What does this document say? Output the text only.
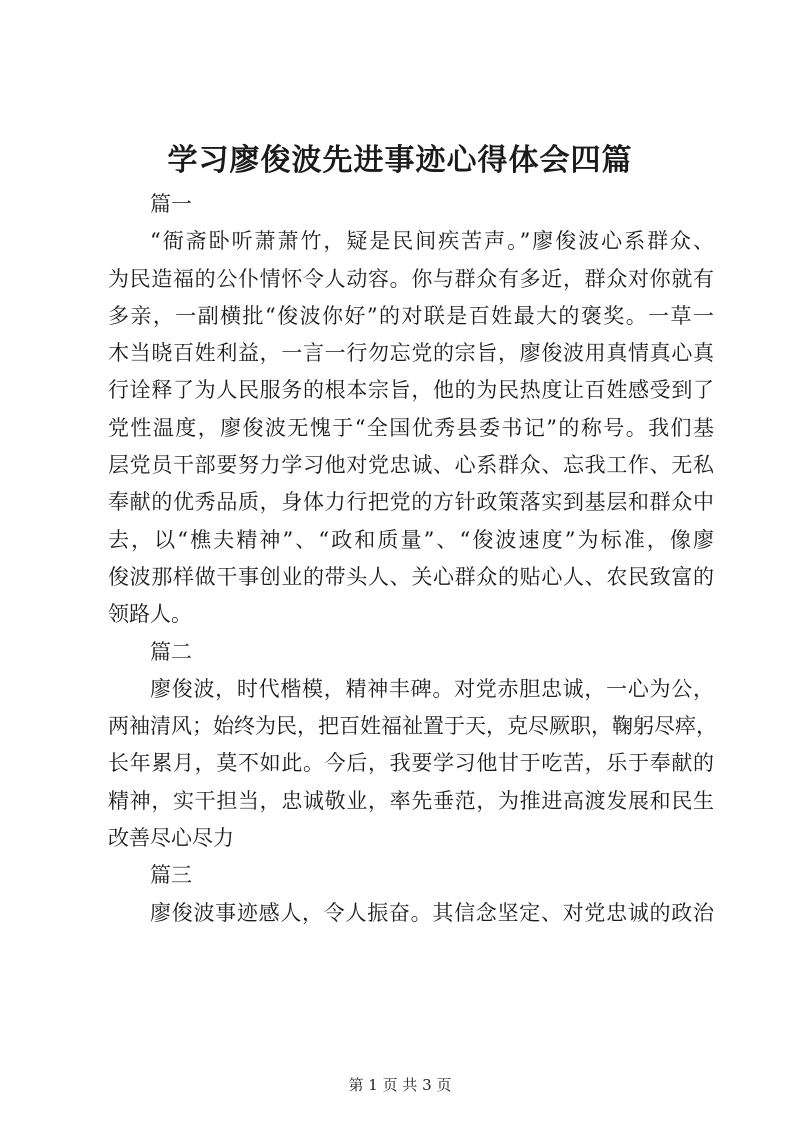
学习廖俊波先进事迹心得体会四篇
篇一
“衙斋卧听萧萧竹，疑是民间疾苦声。”廖俊波心系群众、
为民造福的公仆情怀令人动容。你与群众有多近，群众对你就有
多亲，一副横批“俊波你好”的对联是百姓最大的褒奖。一草一
木当晓百姓利益，一言一行勿忘党的宗旨，廖俊波用真情真心真
行诠释了为人民服务的根本宗旨，他的为民热度让百姓感受到了
党性温度，廖俊波无愧于“全国优秀县委书记”的称号。我们基
层党员干部要努力学习他对党忠诚、心系群众、忘我工作、无私
奉献的优秀品质，身体力行把党的方针政策落实到基层和群众中
去，以“樵夫精神”、“政和质量”、“俊波速度”为标准，像廖
俊波那样做干事创业的带头人、关心群众的贴心人、农民致富的
领路人。
篇二
廖俊波，时代楷模，精神丰碑。对党赤胆忠诚，一心为公，
两袖清风；始终为民，把百姓福祉置于天，克尽厥职，鞠躬尽瘁，
长年累月，莫不如此。今后，我要学习他甘于吃苦，乐于奉献的
精神，实干担当，忠诚敬业，率先垂范，为推进高渡发展和民生
改善尽心尽力
篇三
廖俊波事迹感人，令人振奋。其信念坚定、对党忠诚的政治
第 1 页 共 3 页
